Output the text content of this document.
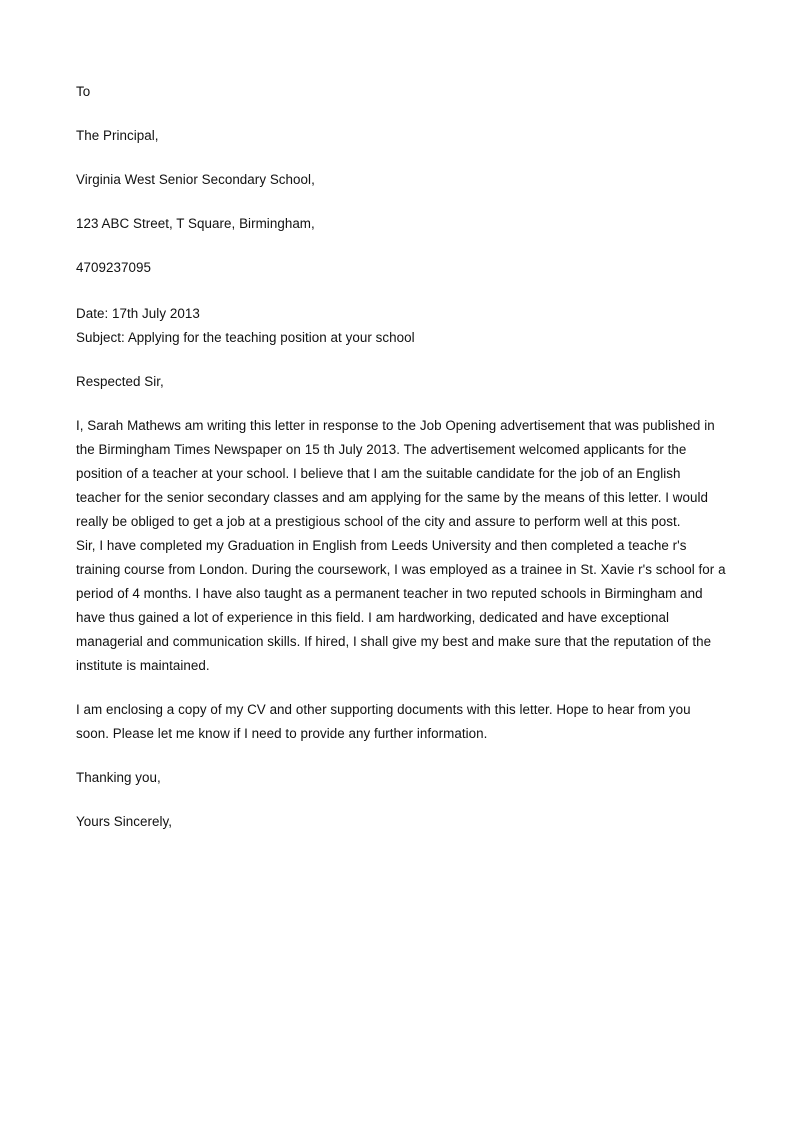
To

The Principal,

Virginia West Senior Secondary School,

123 ABC Street, T Square, Birmingham,

4709237095

Date: 17th July 2013

Subject: Applying for the teaching position at your school

Respected Sir,

I, Sarah Mathews am writing this letter in response to the Job Opening advertisement that was published in

the Birmingham Times Newspaper on 15 th July 2013. The advertisement welcomed applicants for the

position of a teacher at your school. I believe that I am the suitable candidate for the job of an English

teacher for the senior secondary classes and am applying for the same by the means of this letter. I would

really be obliged to get a job at a prestigious school of the city and assure to perform well at this post.

Sir, I have completed my Graduation in English from Leeds University and then completed a teache r's

training course from London. During the coursework, I was employed as a trainee in St. Xavie r's school for a

period of 4 months. I have also taught as a permanent teacher in two reputed schools in Birmingham and

have thus gained a lot of experience in this field. I am hardworking, dedicated and have exceptional

managerial and communication skills. If hired, I shall give my best and make sure that the reputation of the

institute is maintained.

I am enclosing a copy of my CV and other supporting documents with this letter. Hope to hear from you

soon. Please let me know if I need to provide any further information.

Thanking you,

Yours Sincerely,
